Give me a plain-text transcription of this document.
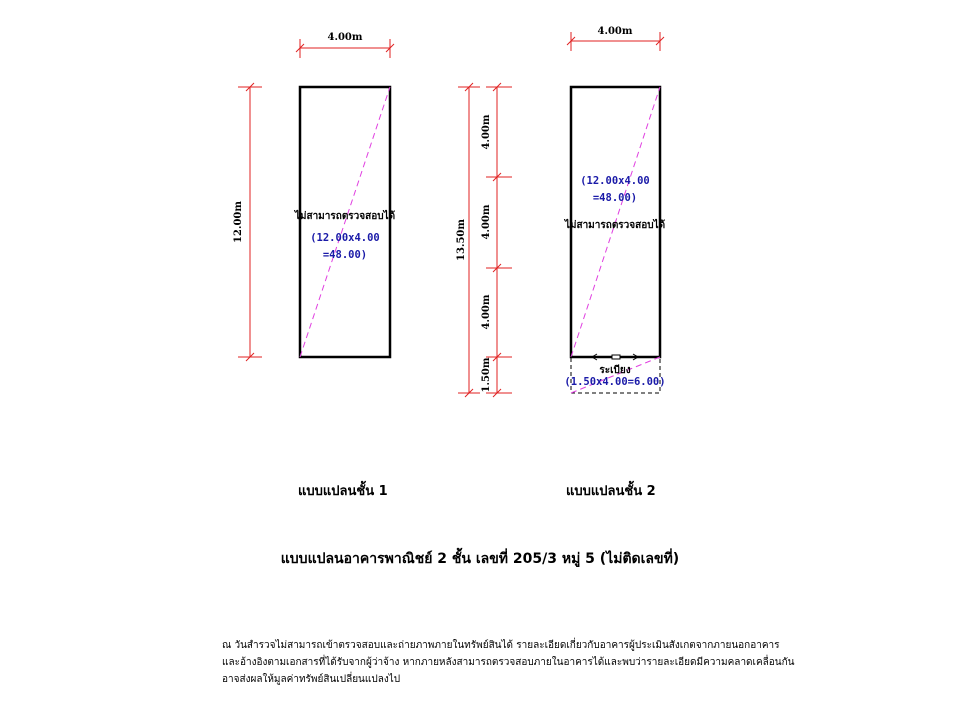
4.00m
12.00m	ไม่สามารถตรวจสอบได้
(12.00x4.00
=48.00)
4.00m
13.50m
4.00m
4.00m
4.00m
1.50m
(12.00x4.00
=48.00)
ไม่สามารถตรวจสอบได้
ระเบียง
(1.50x4.00=6.00)
แบบแปลนชั้น 1	แบบแปลนชั้น 2
แบบแปลนอาคารพาณิชย์ 2 ชั้น เลขที่ 205/3 หมู่ 5 (ไม่ติดเลขที่)
ณ วันสำรวจไม่สามารถเข้าตรวจสอบและถ่ายภาพภายในทรัพย์สินได้ รายละเอียดเกี่ยวกับอาคารผู้ประเมินสังเกตจากภายนอกอาคาร
และอ้างอิงตามเอกสารที่ได้รับจากผู้ว่าจ้าง หากภายหลังสามารถตรวจสอบภายในอาคารได้และพบว่ารายละเอียดมีความคลาดเคลื่อนกัน
อาจส่งผลให้มูลค่าทรัพย์สินเปลี่ยนแปลงไป
